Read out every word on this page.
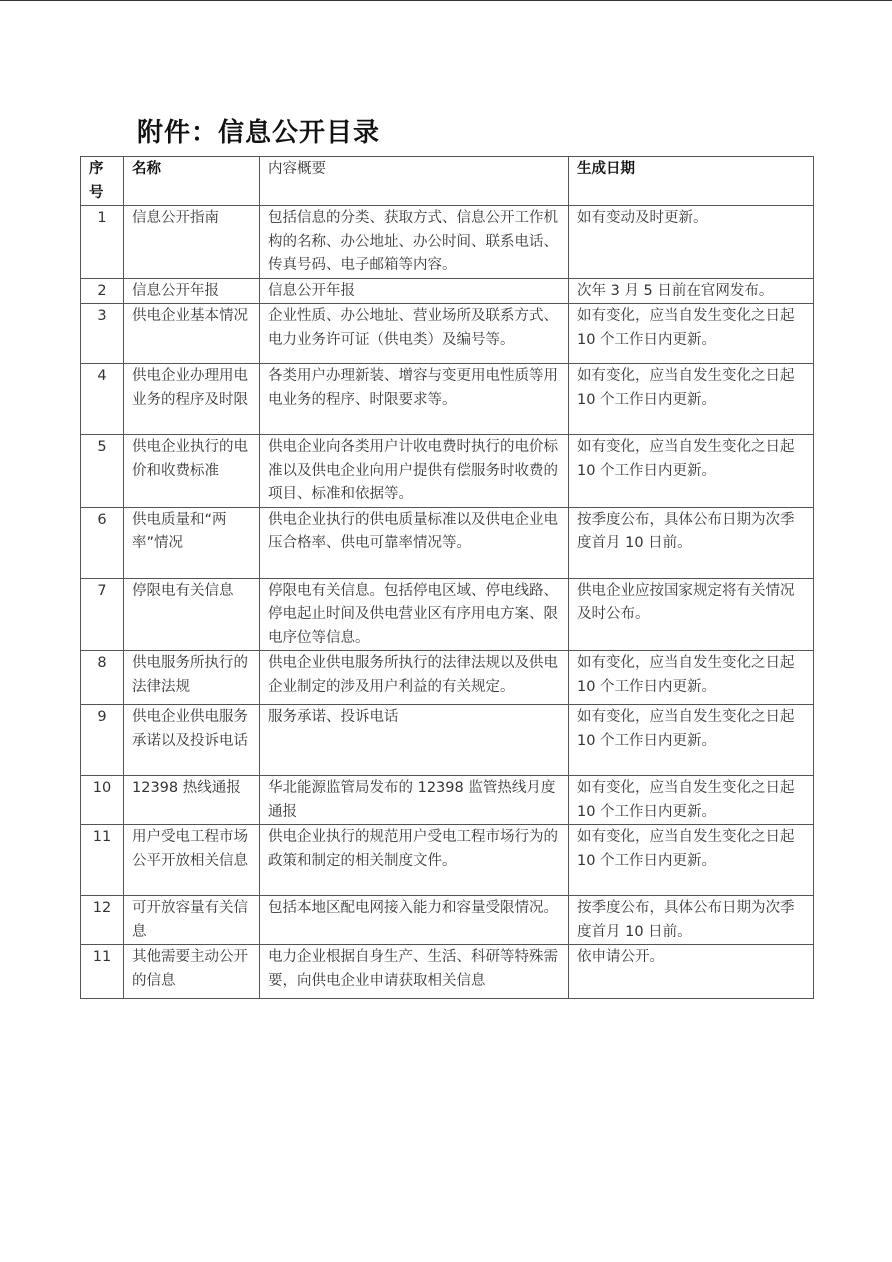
附件：信息公开目录
序号	名称	内容概要	生成日期
1	信息公开指南	包括信息的分类、获取方式、信息公开工作机构的名称、办公地址、办公时间、联系电话、传真号码、电子邮箱等内容。	如有变动及时更新。
2	信息公开年报	信息公开年报	次年 3 月 5 日前在官网发布。
3	供电企业基本情况	企业性质、办公地址、营业场所及联系方式、电力业务许可证（供电类）及编号等。	如有变化，应当自发生变化之日起 10 个工作日内更新。
4	供电企业办理用电业务的程序及时限	各类用户办理新装、增容与变更用电性质等用电业务的程序、时限要求等。	如有变化，应当自发生变化之日起 10 个工作日内更新。
5	供电企业执行的电价和收费标准	供电企业向各类用户计收电费时执行的电价标准以及供电企业向用户提供有偿服务时收费的项目、标准和依据等。	如有变化，应当自发生变化之日起 10 个工作日内更新。
6	供电质量和“两率”情况	供电企业执行的供电质量标准以及供电企业电压合格率、供电可靠率情况等。	按季度公布，具体公布日期为次季度首月 10 日前。
7	停限电有关信息	停限电有关信息。包括停电区域、停电线路、停电起止时间及供电营业区有序用电方案、限电序位等信息。	供电企业应按国家规定将有关情况及时公布。
8	供电服务所执行的法律法规	供电企业供电服务所执行的法律法规以及供电企业制定的涉及用户利益的有关规定。	如有变化，应当自发生变化之日起 10 个工作日内更新。
9	供电企业供电服务承诺以及投诉电话	服务承诺、投诉电话	如有变化，应当自发生变化之日起 10 个工作日内更新。
10	12398 热线通报	华北能源监管局发布的 12398 监管热线月度通报	如有变化，应当自发生变化之日起 10 个工作日内更新。
11	用户受电工程市场公平开放相关信息	供电企业执行的规范用户受电工程市场行为的政策和制定的相关制度文件。	如有变化，应当自发生变化之日起 10 个工作日内更新。
12	可开放容量有关信息	包括本地区配电网接入能力和容量受限情况。	按季度公布，具体公布日期为次季度首月 10 日前。
11	其他需要主动公开的信息	电力企业根据自身生产、生活、科研等特殊需要，向供电企业申请获取相关信息	依申请公开。
